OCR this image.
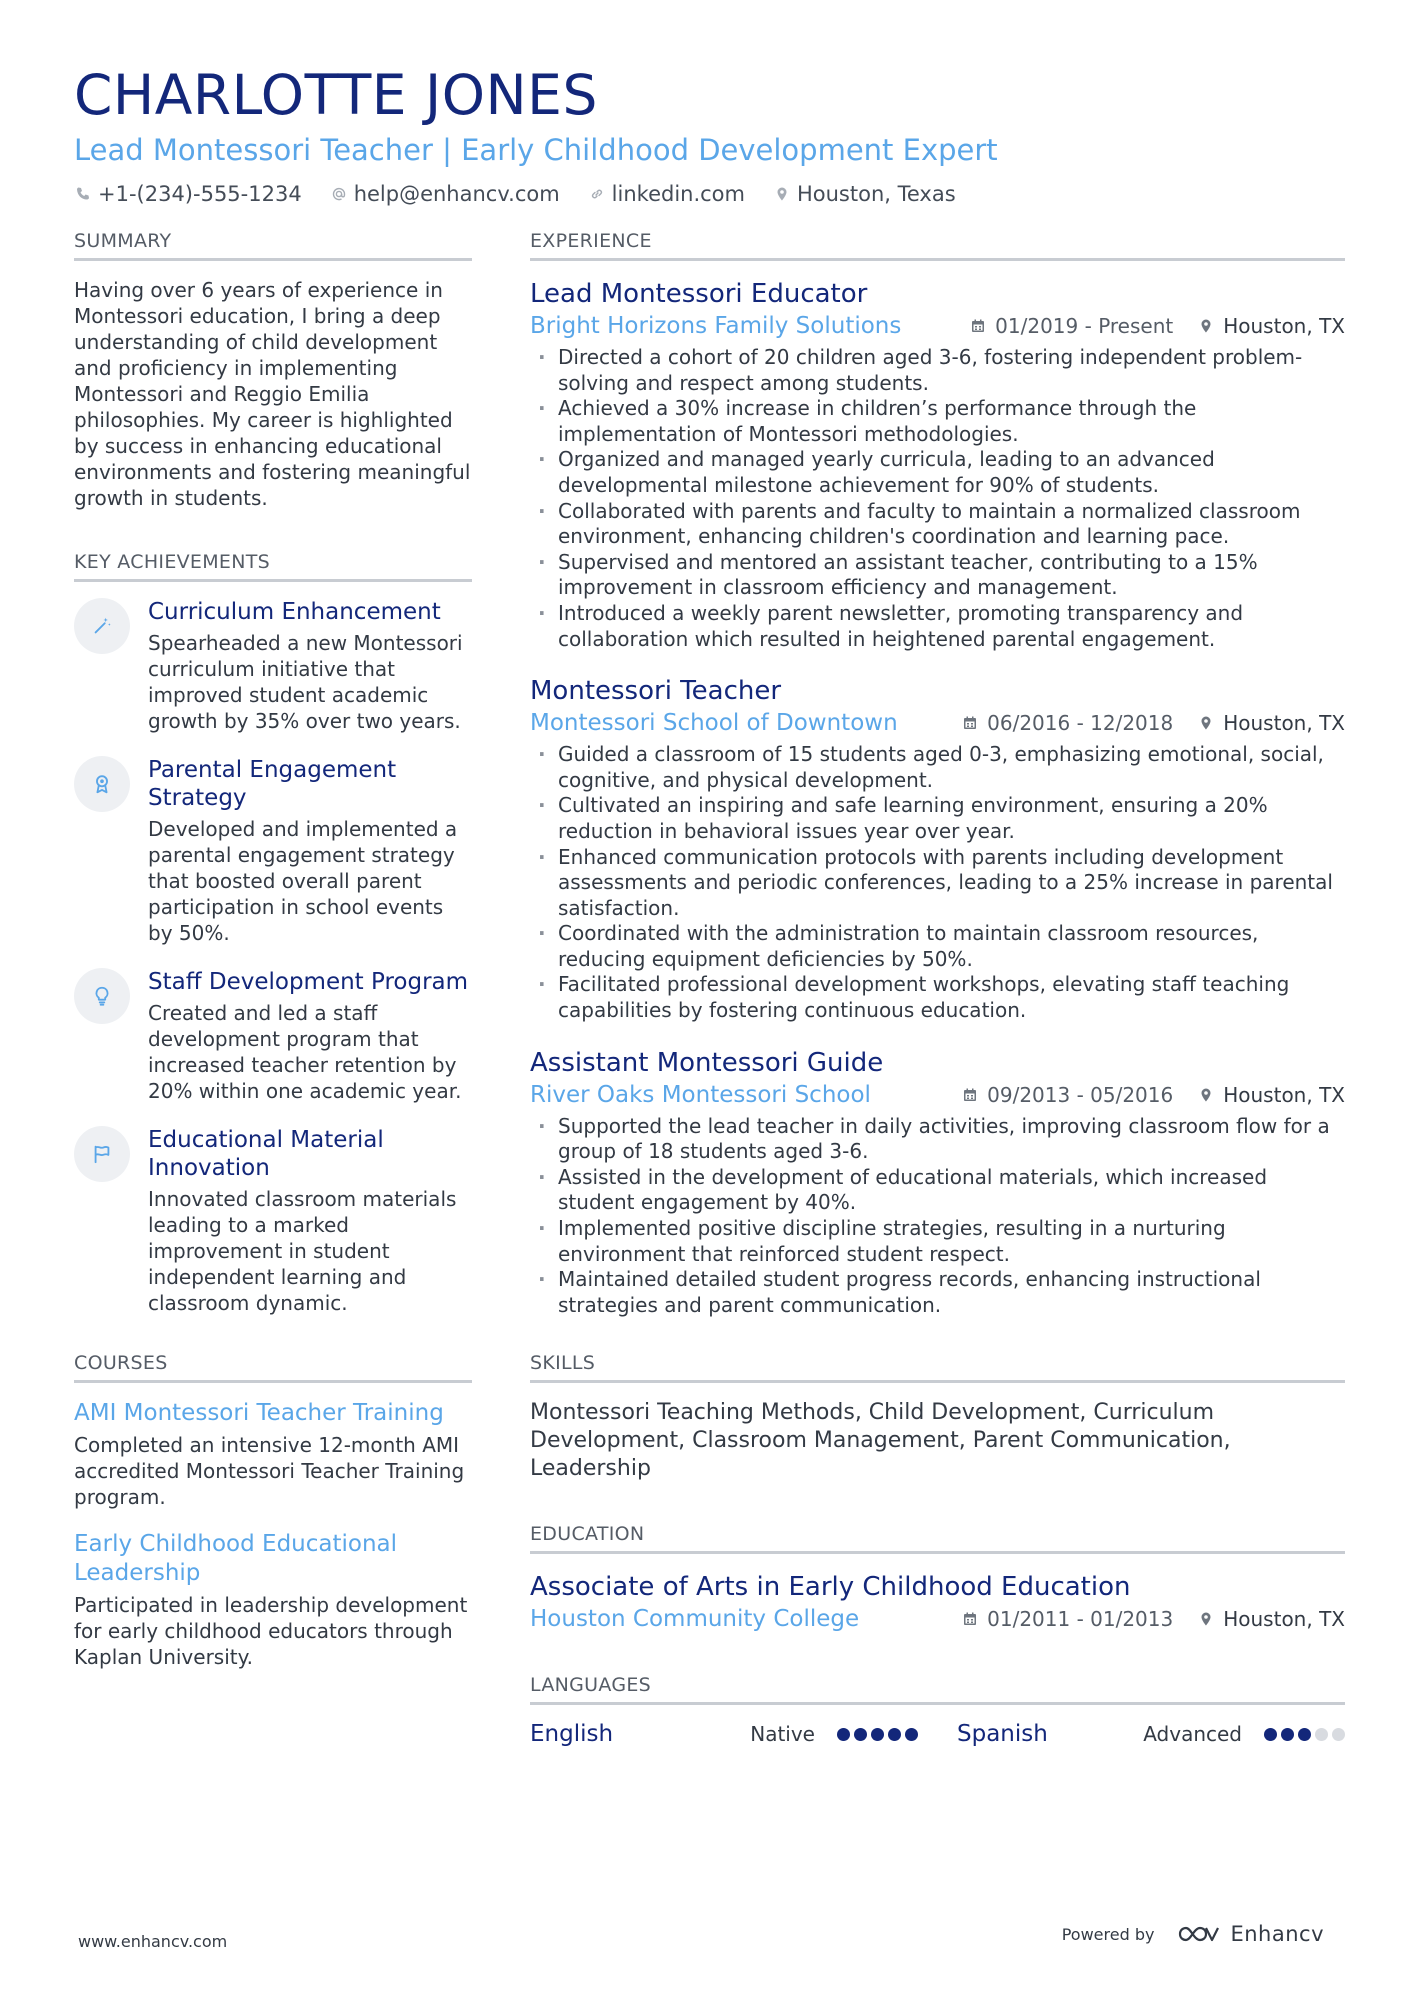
CHARLOTTE JONES
Lead Montessori Teacher | Early Childhood Development Expert
+1-(234)-555-1234 help@enhancv.com linkedin.com Houston, Texas
SUMMARY

Having over 6 years of experience in Montessori education, I bring a deep understanding of child development and proficiency in implementing Montessori and Reggio Emilia philosophies. My career is highlighted by success in enhancing educational environments and fostering meaningful growth in students.

KEY ACHIEVEMENTS
Curriculum Enhancement
Spearheaded a new Montessori curriculum initiative that improved student academic growth by 35% over two years.
Parental Engagement Strategy
Developed and implemented a parental engagement strategy that boosted overall parent participation in school events by 50%.
Staff Development Program
Created and led a staff development program that increased teacher retention by 20% within one academic year.
Educational Material Innovation
Innovated classroom materials leading to a marked improvement in student independent learning and classroom dynamic.
COURSES
AMI Montessori Teacher Training
Completed an intensive 12-month AMI accredited Montessori Teacher Training program.
Early Childhood Educational Leadership
Participated in leadership development for early childhood educators through Kaplan University.
EXPERIENCE
Lead Montessori Educator
Bright Horizons Family Solutions	01/2019 - Present	Houston, TX
· Directed a cohort of 20 children aged 3-6, fostering independent problem-solving and respect among students.
· Achieved a 30% increase in children’s performance through the implementation of Montessori methodologies.
· Organized and managed yearly curricula, leading to an advanced developmental milestone achievement for 90% of students.
· Collaborated with parents and faculty to maintain a normalized classroom environment, enhancing children's coordination and learning pace.
· Supervised and mentored an assistant teacher, contributing to a 15% improvement in classroom efficiency and management.
· Introduced a weekly parent newsletter, promoting transparency and collaboration which resulted in heightened parental engagement.
Montessori Teacher
Montessori School of Downtown	06/2016 - 12/2018	Houston, TX
· Guided a classroom of 15 students aged 0-3, emphasizing emotional, social, cognitive, and physical development.
· Cultivated an inspiring and safe learning environment, ensuring a 20% reduction in behavioral issues year over year.
· Enhanced communication protocols with parents including development assessments and periodic conferences, leading to a 25% increase in parental satisfaction.
· Coordinated with the administration to maintain classroom resources, reducing equipment deficiencies by 50%.
· Facilitated professional development workshops, elevating staff teaching capabilities by fostering continuous education.
Assistant Montessori Guide
River Oaks Montessori School	09/2013 - 05/2016	Houston, TX
· Supported the lead teacher in daily activities, improving classroom flow for a group of 18 students aged 3-6.
· Assisted in the development of educational materials, which increased student engagement by 40%.
· Implemented positive discipline strategies, resulting in a nurturing environment that reinforced student respect.
· Maintained detailed student progress records, enhancing instructional strategies and parent communication.
SKILLS

Montessori Teaching Methods, Child Development, Curriculum Development, Classroom Management, Parent Communication, Leadership

EDUCATION
Associate of Arts in Early Childhood Education
Houston Community College	01/2011 - 01/2013	Houston, TX
LANGUAGES
English	Native	Spanish	Advanced
www.enhancv.com	Powered by	Enhancv
